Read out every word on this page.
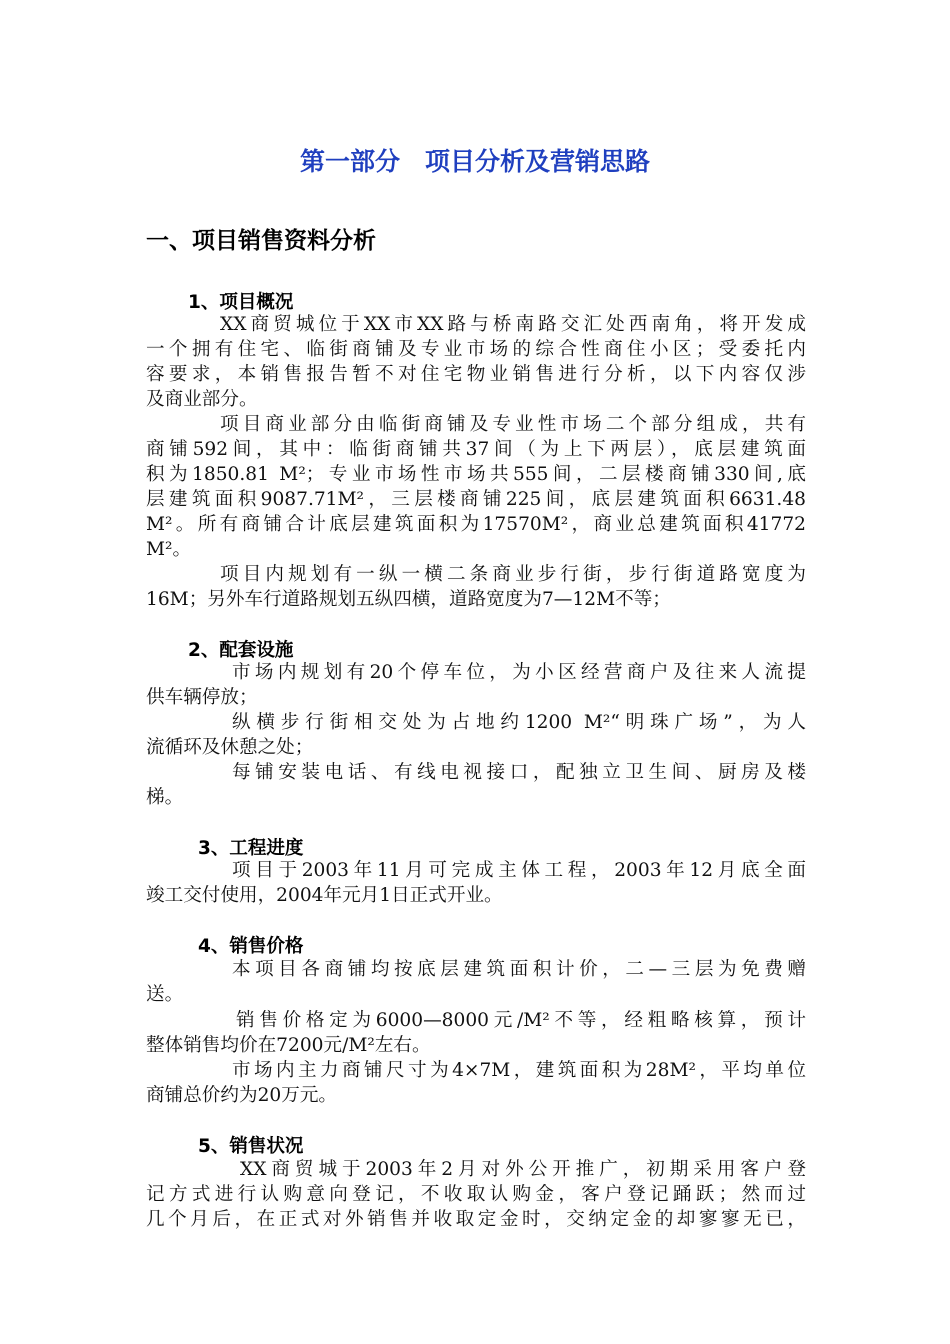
第一部分　项目分析及营销思路
一、项目销售资料分析
1、项目概况
XX商贸城位于XX市XX路与桥南路交汇处西南角，将开发成
一个拥有住宅、临街商铺及专业市场的综合性商住小区；受委托内
容要求，本销售报告暂不对住宅物业销售进行分析，以下内容仅涉
及商业部分。
项目商业部分由临街商铺及专业性市场二个部分组成，共有
商铺592间，其中：临街商铺共37间（为上下两层），底层建筑面
积为1850.81 M²；专业市场性市场共555间，二层楼商铺330间,底
层建筑面积9087.71M²，三层楼商铺225间，底层建筑面积6631.48
M²。所有商铺合计底层建筑面积为17570M²，商业总建筑面积41772
M²。
项目内规划有一纵一横二条商业步行街，步行街道路宽度为
16M；另外车行道路规划五纵四横，道路宽度为7—12M不等；
2、配套设施
市场内规划有20个停车位，为小区经营商户及往来人流提
供车辆停放；
纵横步行街相交处为占地约1200 M²“明珠广场”，为人
流循环及休憩之处；
每铺安装电话、有线电视接口，配独立卫生间、厨房及楼
梯。
3、工程进度
项目于2003年11月可完成主体工程，2003年12月底全面
竣工交付使用，2004年元月1日正式开业。
4、销售价格
本项目各商铺均按底层建筑面积计价，二—三层为免费赠
送。
销售价格定为6000—8000元/M²不等，经粗略核算，预计
整体销售均价在7200元/M²左右。
市场内主力商铺尺寸为4×7M，建筑面积为28M²，平均单位
商铺总价约为20万元。
5、销售状况
XX商贸城于2003年2月对外公开推广，初期采用客户登
记方式进行认购意向登记，不收取认购金，客户登记踊跃；然而过
几个月后，在正式对外销售并收取定金时，交纳定金的却寥寥无已，
